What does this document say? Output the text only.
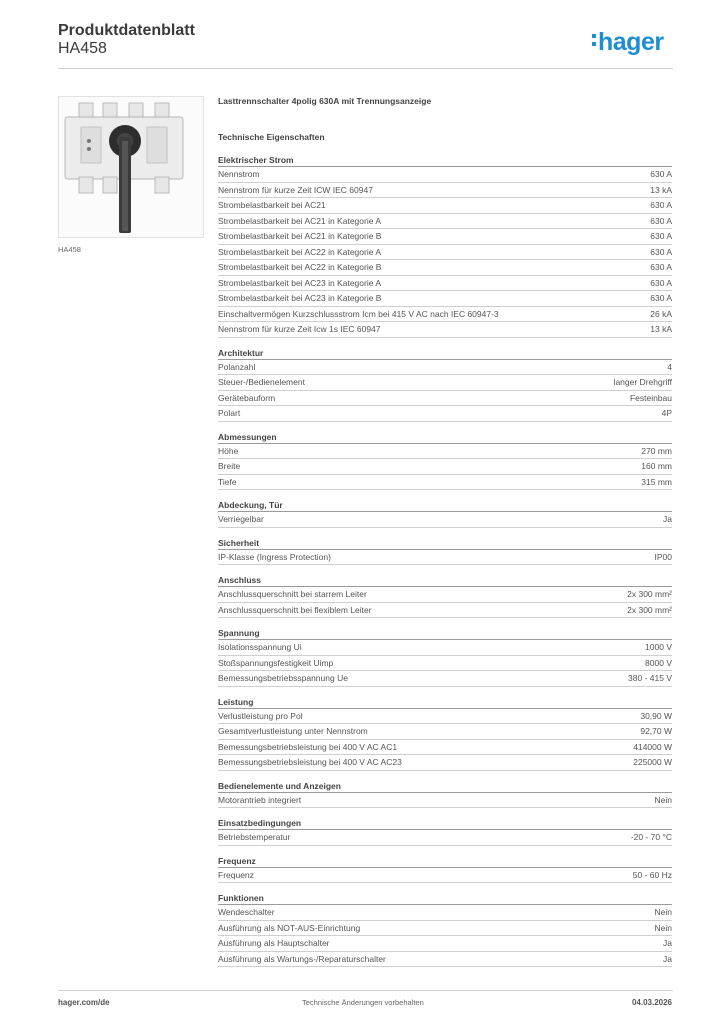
Produktdatenblatt
HA458	hager
HA458
Lasttrennschalter 4polig 630A mit Trennungsanzeige
Technische Eigenschaften
Elektrischer Strom
Nennstrom	630 A
Nennstrom für kurze Zeit ICW IEC 60947	13 kA
Strombelastbarkeit bei AC21	630 A
Strombelastbarkeit bei AC21 in Kategorie A	630 A
Strombelastbarkeit bei AC21 in Kategorie B	630 A
Strombelastbarkeit bei AC22 in Kategorie A	630 A
Strombelastbarkeit bei AC22 in Kategorie B	630 A
Strombelastbarkeit bei AC23 in Kategorie A	630 A
Strombelastbarkeit bei AC23 in Kategorie B	630 A
Einschaltvermögen Kurzschlussstrom Icm bei 415 V AC nach IEC 60947-3	26 kA
Nennstrom für kurze Zeit Icw 1s IEC 60947	13 kA
Architektur
Polanzahl	4
Steuer-/Bedienelement	langer Drehgriff
Gerätebauform	Festeinbau
Polart	4P
Abmessungen
Höhe	270 mm
Breite	160 mm
Tiefe	315 mm
Abdeckung, Tür
Verriegelbar	Ja
Sicherheit
IP-Klasse (Ingress Protection)	IP00
Anschluss
Anschlussquerschnitt bei starrem Leiter	2x 300 mm²
Anschlussquerschnitt bei flexiblem Leiter	2x 300 mm²
Spannung
Isolationsspannung Ui	1000 V
Stoßspannungsfestigkeit Uimp	8000 V
Bemessungsbetriebsspannung Ue	380 - 415 V
Leistung
Verlustleistung pro Pol	30,90 W
Gesamtverlustleistung unter Nennstrom	92,70 W
Bemessungsbetriebsleistung bei 400 V AC AC1	414000 W
Bemessungsbetriebsleistung bei 400 V AC AC23	225000 W
Bedienelemente und Anzeigen
Motorantrieb integriert	Nein
Einsatzbedingungen
Betriebstemperatur	-20 - 70 °C
Frequenz
Frequenz	50 - 60 Hz
Funktionen
Wendeschalter	Nein
Ausführung als NOT-AUS-Einrichtung	Nein
Ausführung als Hauptschalter	Ja
Ausführung als Wartungs-/Reparaturschalter	Ja
hager.com/de	Technische Änderungen vorbehalten	04.03.2026
